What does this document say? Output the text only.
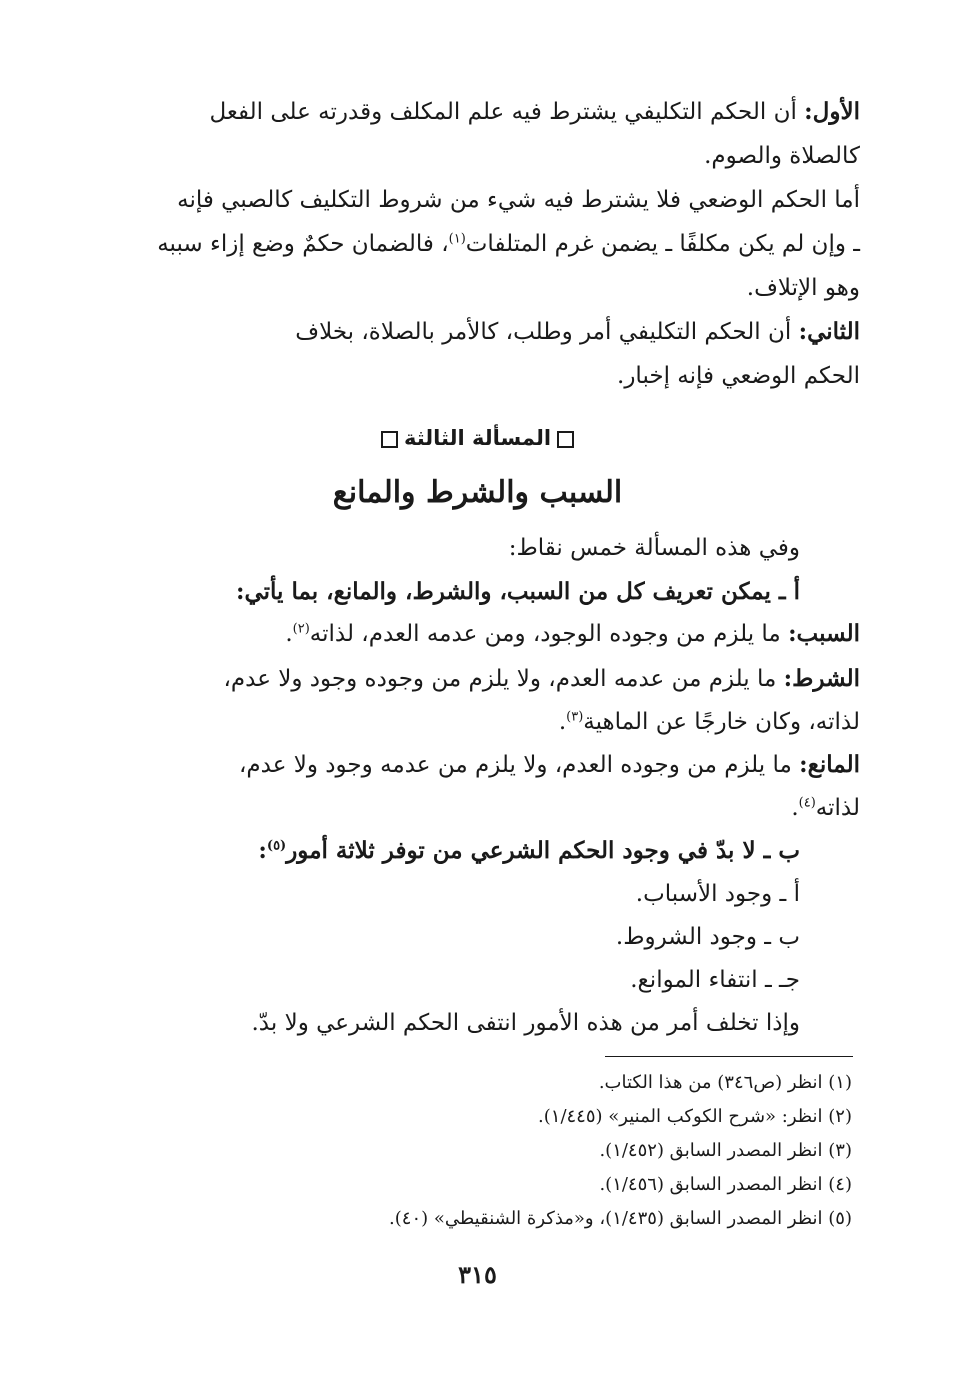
الأول: أن الحكم التكليفي يشترط فيه علم المكلف وقدرته على الفعل

كالصلاة والصوم.

أما الحكم الوضعي فلا يشترط فيه شيء من شروط التكليف كالصبي فإنه

ـ وإن لم يكن مكلفًا ـ يضمن غرم المتلفات$^{(١)}$، فالضمان حكمٌ وضع إزاء سببه

وهو الإتلاف.

الثاني: أن الحكم التكليفي أمر وطلب، كالأمر بالصلاة، بخلاف

الحكم الوضعي فإنه إخبار.

المسألة الثالثة
السبب والشرط والمانع

وفي هذه المسألة خمس نقاط:

أ ـ يمكن تعريف كل من السبب، والشرط، والمانع، بما يأتي:

السبب: ما يلزم من وجوده الوجود، ومن عدمه العدم، لذاته$^{(٢)}$.

الشرط: ما يلزم من عدمه العدم، ولا يلزم من وجوده وجود ولا عدم،

لذاته، وكان خارجًا عن الماهية$^{(٣)}$.

المانع: ما يلزم من وجوده العدم، ولا يلزم من عدمه وجود ولا عدم،

لذاته$^{(٤)}$.

ب ـ لا بدّ في وجود الحكم الشرعي من توفر ثلاثة أمور$^{(٥)}$:

أ ـ وجود الأسباب.

ب ـ وجود الشروط.

جـ ـ انتفاء الموانع.

وإذا تخلف أمر من هذه الأمور انتفى الحكم الشرعي ولا بدّ.

(١) انظر (ص٣٤٦) من هذا الكتاب.

(٢) انظر: «شرح الكوكب المنير» (١/٤٤٥).

(٣) انظر المصدر السابق (١/٤٥٢).

(٤) انظر المصدر السابق (١/٤٥٦).

(٥) انظر المصدر السابق (١/٤٣٥)، و«مذكرة الشنقيطي» (٤٠).

٣١٥
